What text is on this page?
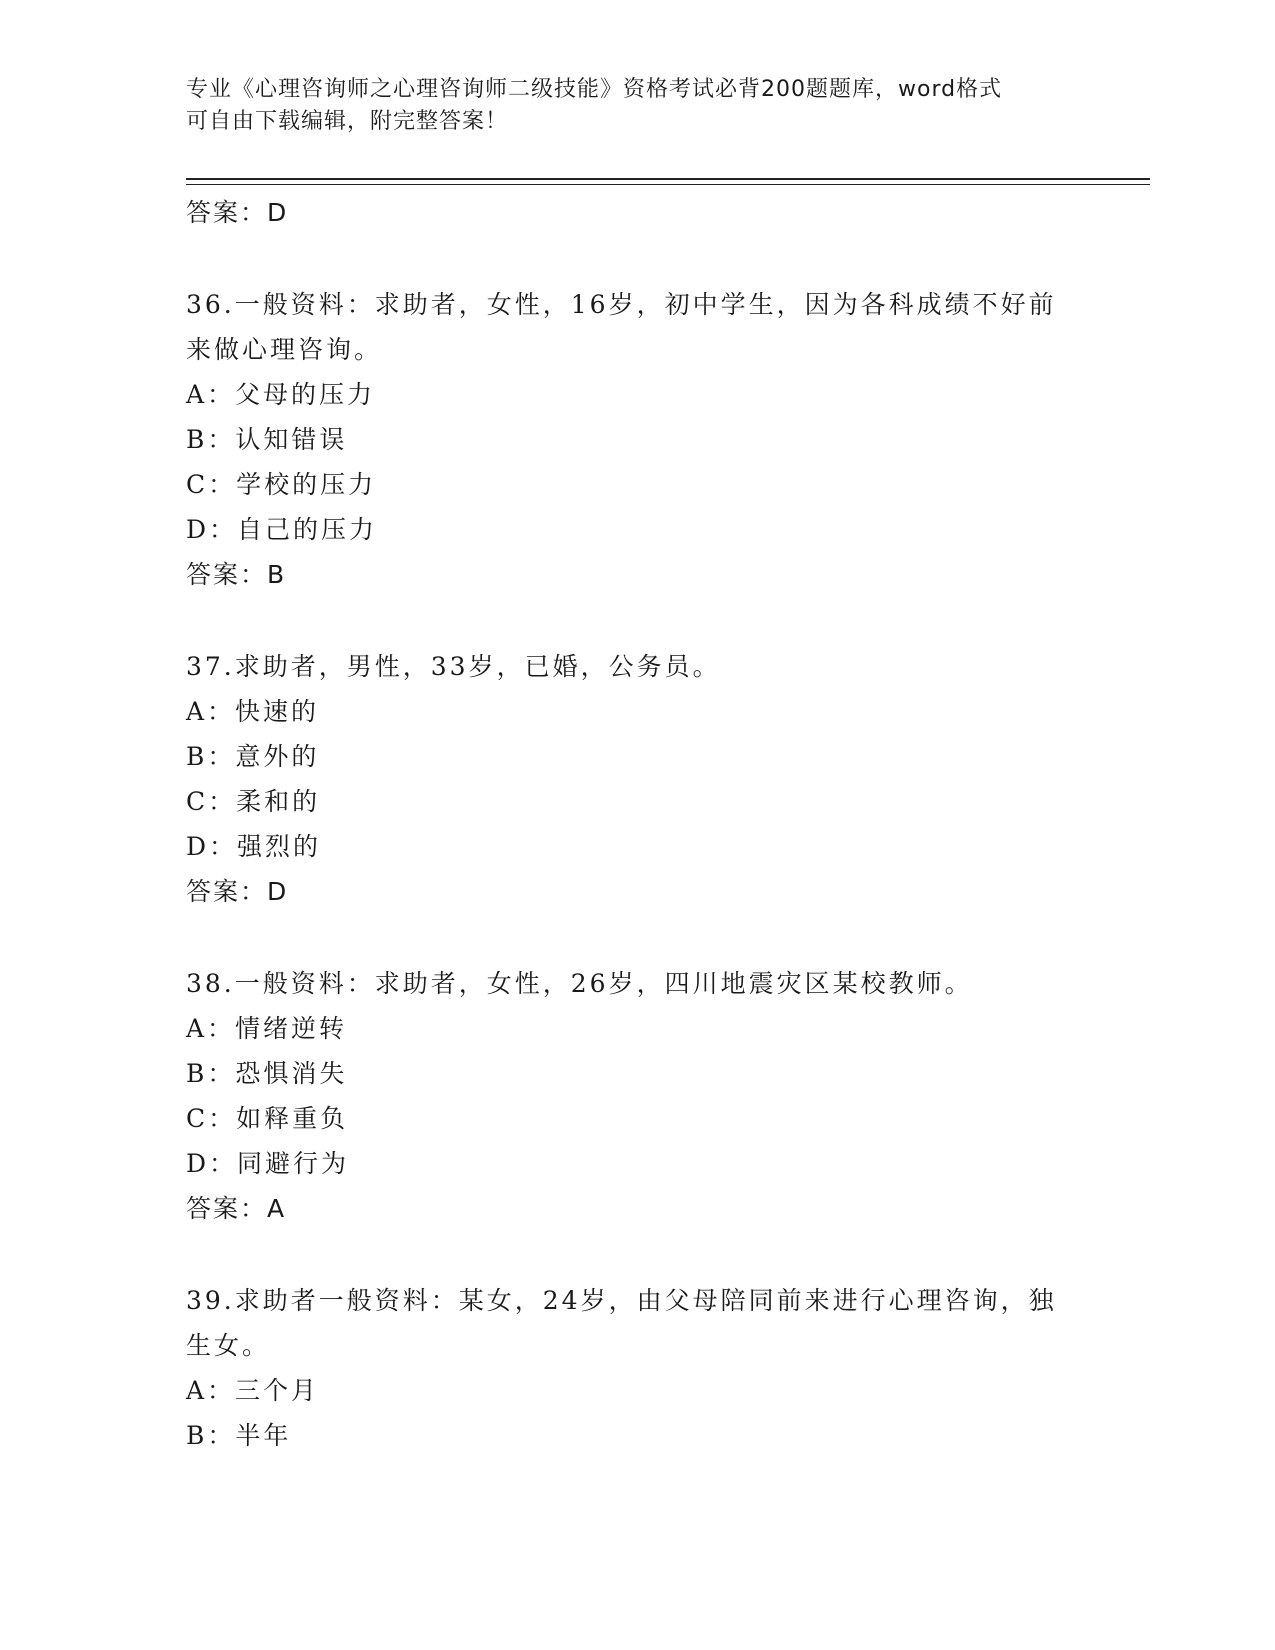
专业《心理咨询师之心理咨询师二级技能》资格考试必背200题题库，word格式
可自由下载编辑，附完整答案！
答案：D
36.一般资料：求助者，女性，16岁，初中学生，因为各科成绩不好前
来做心理咨询。
A：父母的压力
B：认知错误
C：学校的压力
D：自己的压力
答案：B
37.求助者，男性，33岁，已婚，公务员。
A：快速的
B：意外的
C：柔和的
D：强烈的
答案：D
38.一般资料：求助者，女性，26岁，四川地震灾区某校教师。
A：情绪逆转
B：恐惧消失
C：如释重负
D：同避行为
答案：A
39.求助者一般资料：某女，24岁，由父母陪同前来进行心理咨询，独
生女。
A：三个月
B：半年
